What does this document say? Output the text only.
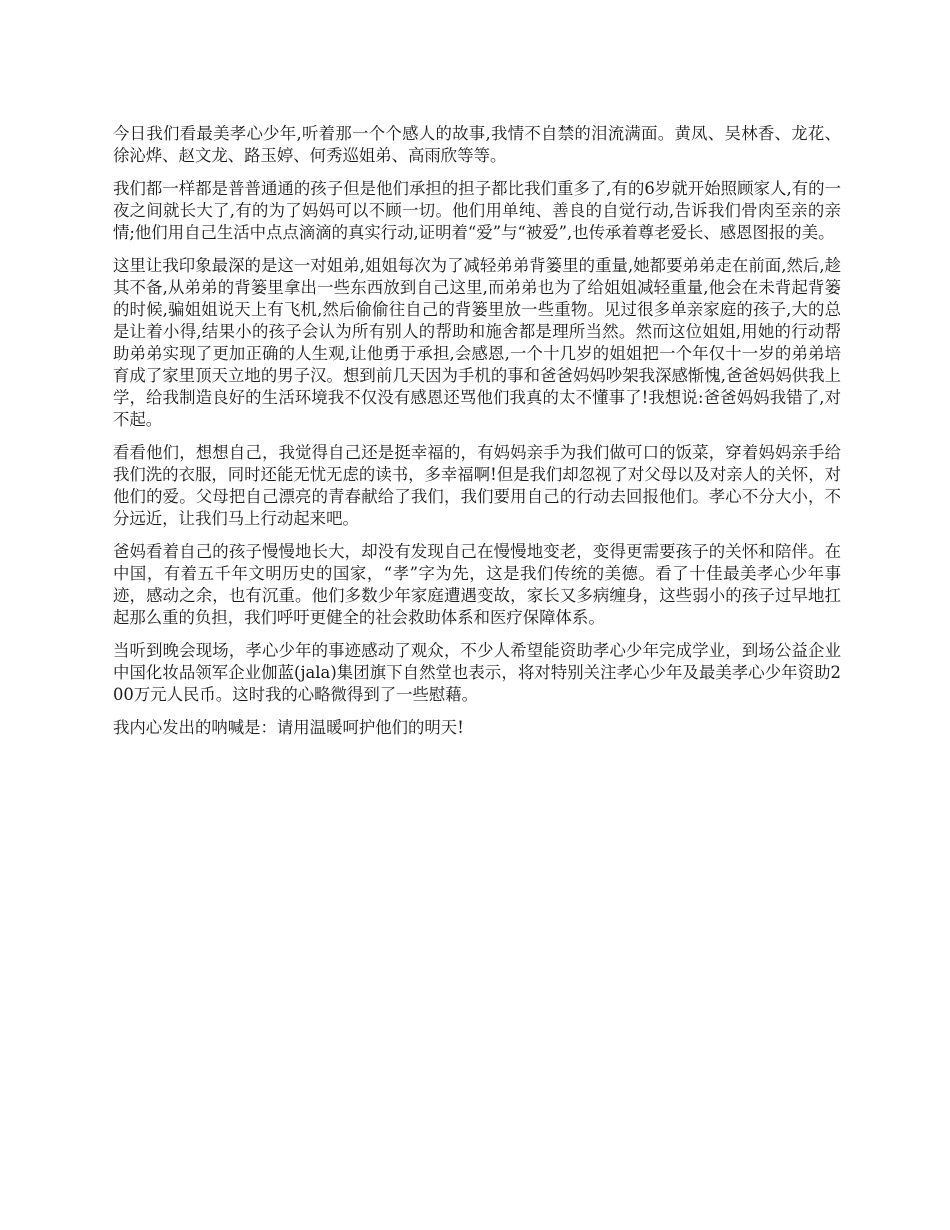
今日我们看最美孝心少年,听着那一个个感人的故事,我情不自禁的泪流满面。黄凤、吴林香、龙花、徐沁烨、赵文龙、路玉婷、何秀巡姐弟、高雨欣等等。

我们都一样都是普普通通的孩子但是他们承担的担子都比我们重多了,有的6岁就开始照顾家人,有的一夜之间就长大了,有的为了妈妈可以不顾一切。他们用单纯、善良的自觉行动,告诉我们骨肉至亲的亲情;他们用自己生活中点点滴滴的真实行动,证明着“爱”与“被爱”,也传承着尊老爱长、感恩图报的美。

这里让我印象最深的是这一对姐弟,姐姐每次为了减轻弟弟背篓里的重量,她都要弟弟走在前面,然后,趁其不备,从弟弟的背篓里拿出一些东西放到自己这里,而弟弟也为了给姐姐减轻重量,他会在未背起背篓的时候,骗姐姐说天上有飞机,然后偷偷往自己的背篓里放一些重物。见过很多单亲家庭的孩子,大的总是让着小得,结果小的孩子会认为所有别人的帮助和施舍都是理所当然。然而这位姐姐,用她的行动帮助弟弟实现了更加正确的人生观,让他勇于承担,会感恩,一个十几岁的姐姐把一个年仅十一岁的弟弟培育成了家里顶天立地的男子汉。想到前几天因为手机的事和爸爸妈妈吵架我深感惭愧,爸爸妈妈供我上学，给我制造良好的生活环境我不仅没有感恩还骂他们我真的太不懂事了!我想说:爸爸妈妈我错了,对不起。

看看他们，想想自己，我觉得自己还是挺幸福的，有妈妈亲手为我们做可口的饭菜，穿着妈妈亲手给我们洗的衣服，同时还能无忧无虑的读书，多幸福啊!但是我们却忽视了对父母以及对亲人的关怀，对他们的爱。父母把自己漂亮的青春献给了我们，我们要用自己的行动去回报他们。孝心不分大小，不分远近，让我们马上行动起来吧。

爸妈看着自己的孩子慢慢地长大，却没有发现自己在慢慢地变老，变得更需要孩子的关怀和陪伴。在中国，有着五千年文明历史的国家，“孝”字为先，这是我们传统的美德。看了十佳最美孝心少年事迹，感动之余，也有沉重。他们多数少年家庭遭遇变故，家长又多病缠身，这些弱小的孩子过早地扛起那么重的负担，我们呼吁更健全的社会救助体系和医疗保障体系。

当听到晚会现场，孝心少年的事迹感动了观众，不少人希望能资助孝心少年完成学业，到场公益企业中国化妆品领军企业伽蓝(jala)集团旗下自然堂也表示，将对特别关注孝心少年及最美孝心少年资助200万元人民币。这时我的心略微得到了一些慰藉。

我内心发出的呐喊是：请用温暖呵护他们的明天!
